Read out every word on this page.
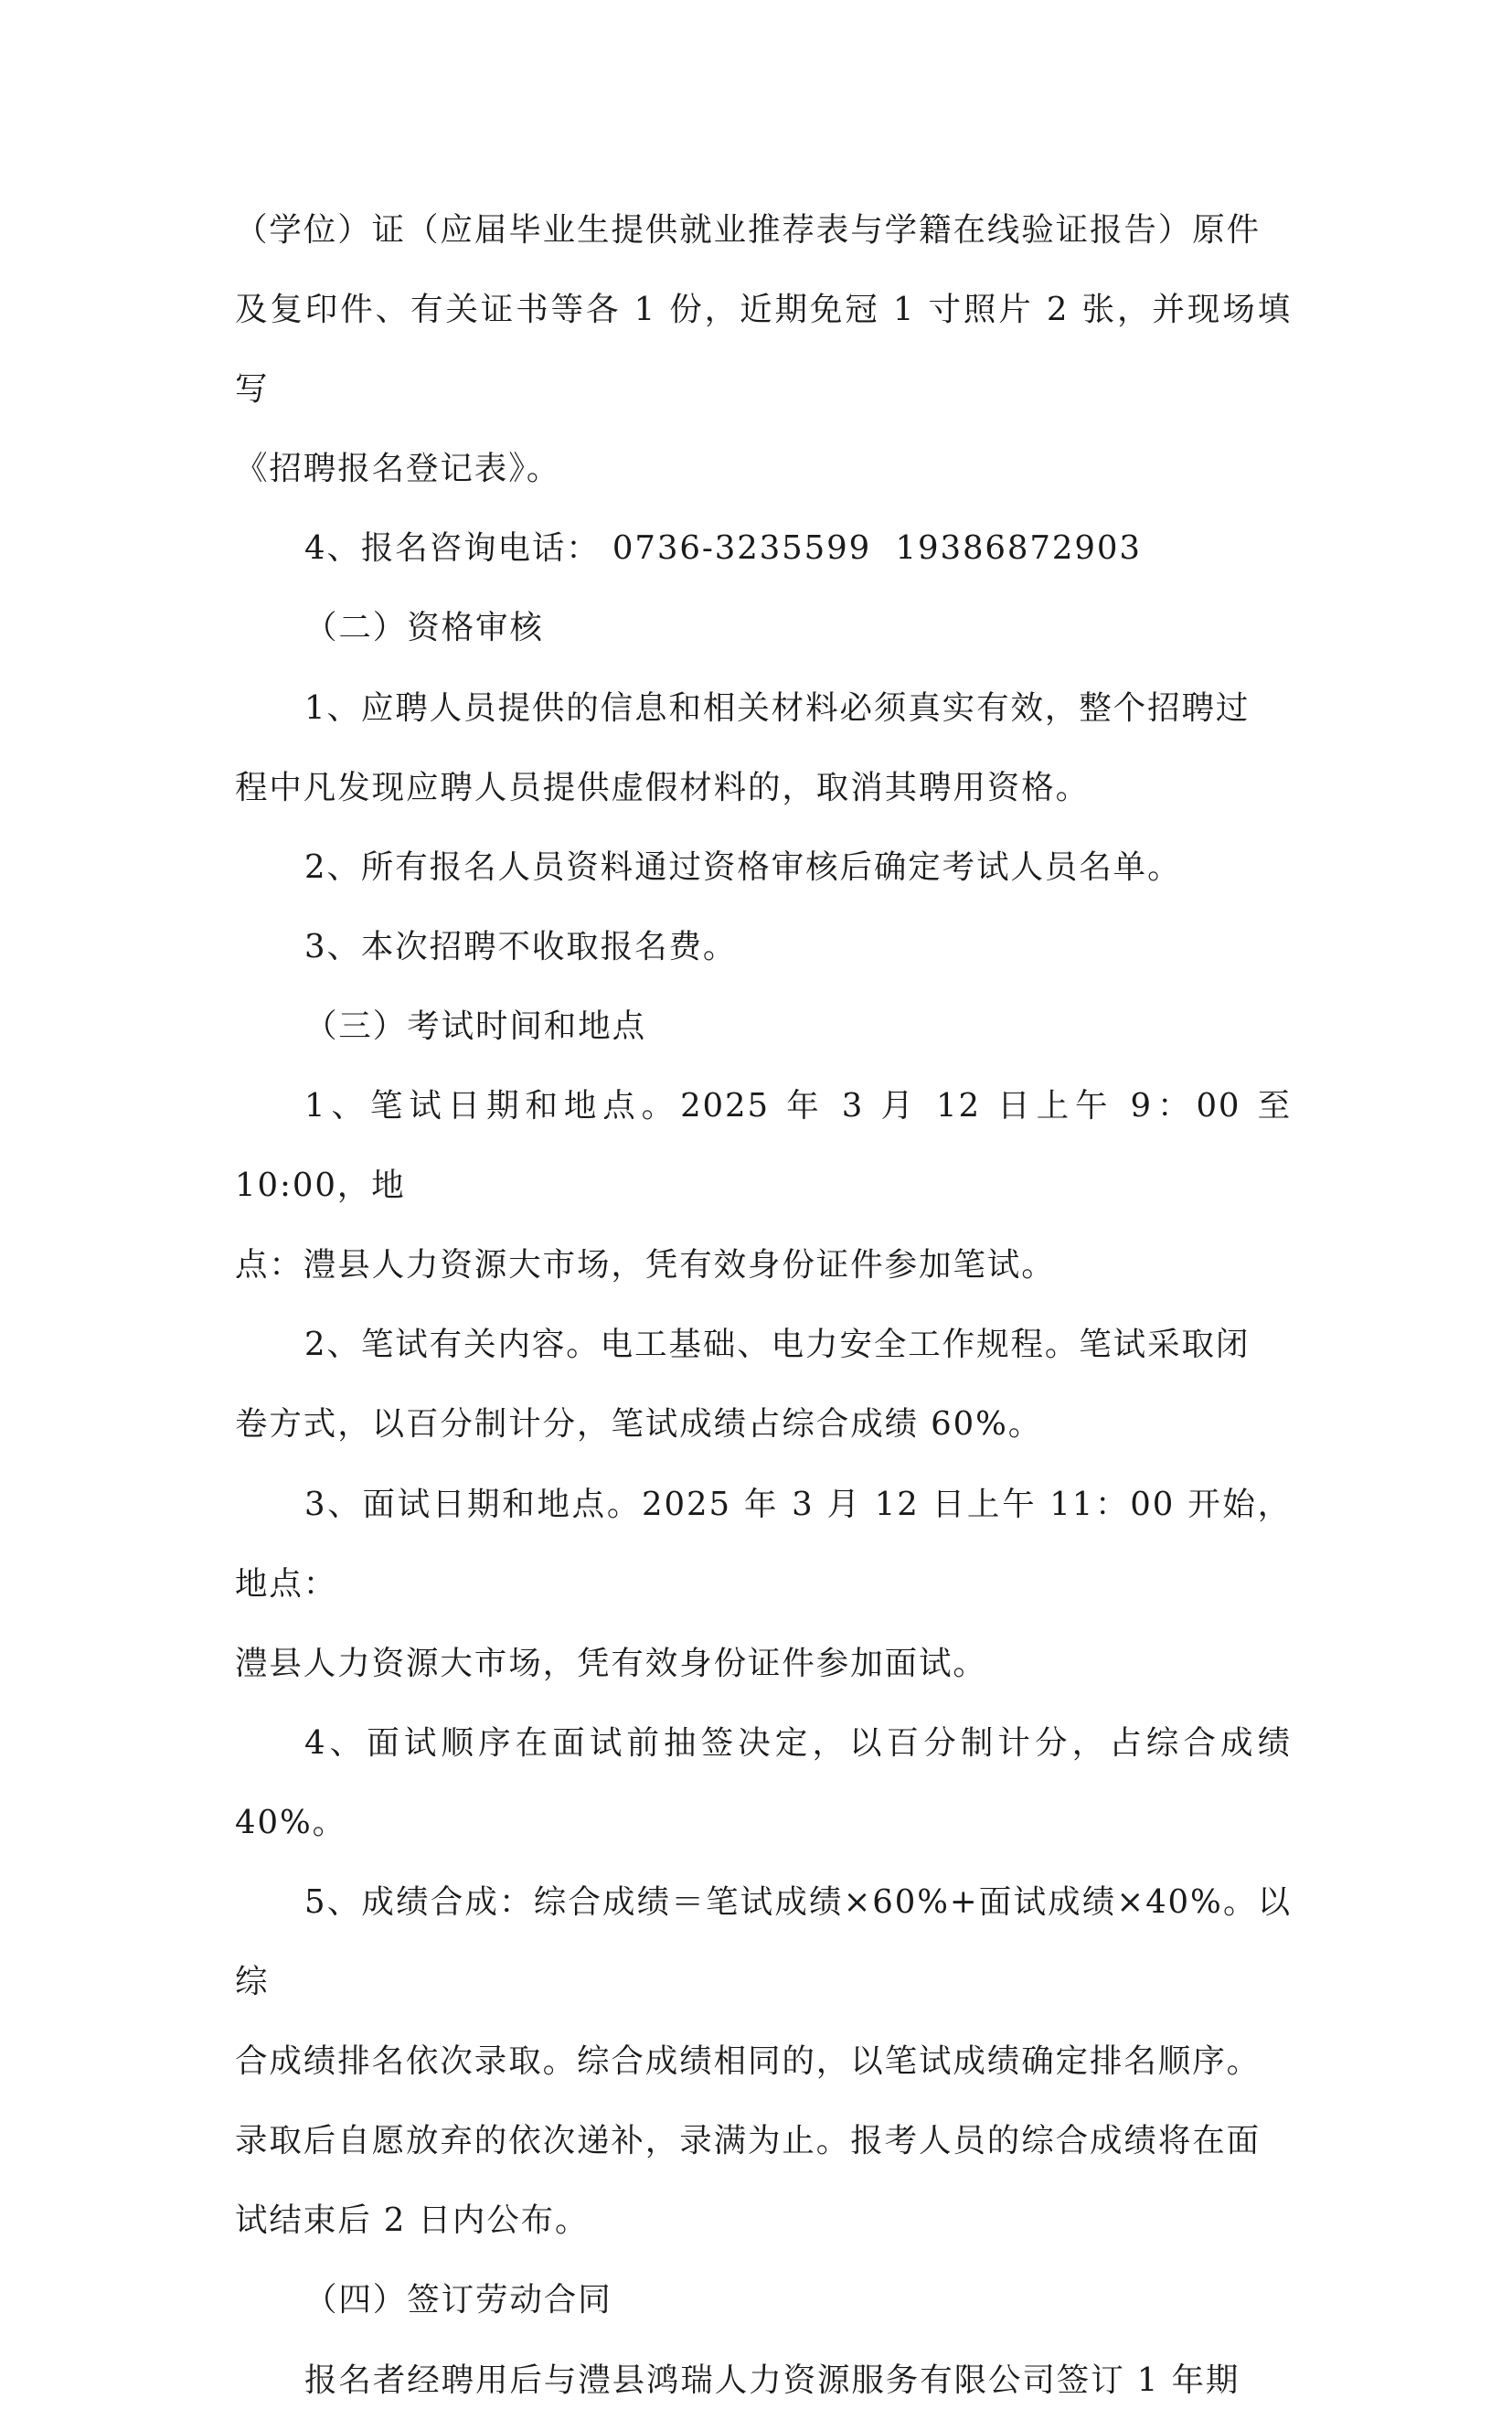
（学位）证（应届毕业生提供就业推荐表与学籍在线验证报告）原件
及复印件、有关证书等各 1 份，近期免冠 1 寸照片 2 张，并现场填写
《招聘报名登记表》。

4、报名咨询电话： 0736-3235599  19386872903

（二）资格审核

1、应聘人员提供的信息和相关材料必须真实有效，整个招聘过
程中凡发现应聘人员提供虚假材料的，取消其聘用资格。

2、所有报名人员资料通过资格审核后确定考试人员名单。

3、本次招聘不收取报名费。

（三）考试时间和地点

1、笔试日期和地点。2025 年 3 月 12 日上午 9：00 至 10:00，地
点：澧县人力资源大市场，凭有效身份证件参加笔试。

2、笔试有关内容。电工基础、电力安全工作规程。笔试采取闭
卷方式，以百分制计分，笔试成绩占综合成绩 60%。

3、面试日期和地点。2025 年 3 月 12 日上午 11：00 开始，地点：
澧县人力资源大市场，凭有效身份证件参加面试。

4、面试顺序在面试前抽签决定，以百分制计分，占综合成绩 40%。

5、成绩合成：综合成绩＝笔试成绩×60%+面试成绩×40%。以综
合成绩排名依次录取。综合成绩相同的，以笔试成绩确定排名顺序。
录取后自愿放弃的依次递补，录满为止。报考人员的综合成绩将在面
试结束后 2 日内公布。

（四）签订劳动合同

报名者经聘用后与澧县鸿瑞人力资源服务有限公司签订 1 年期
